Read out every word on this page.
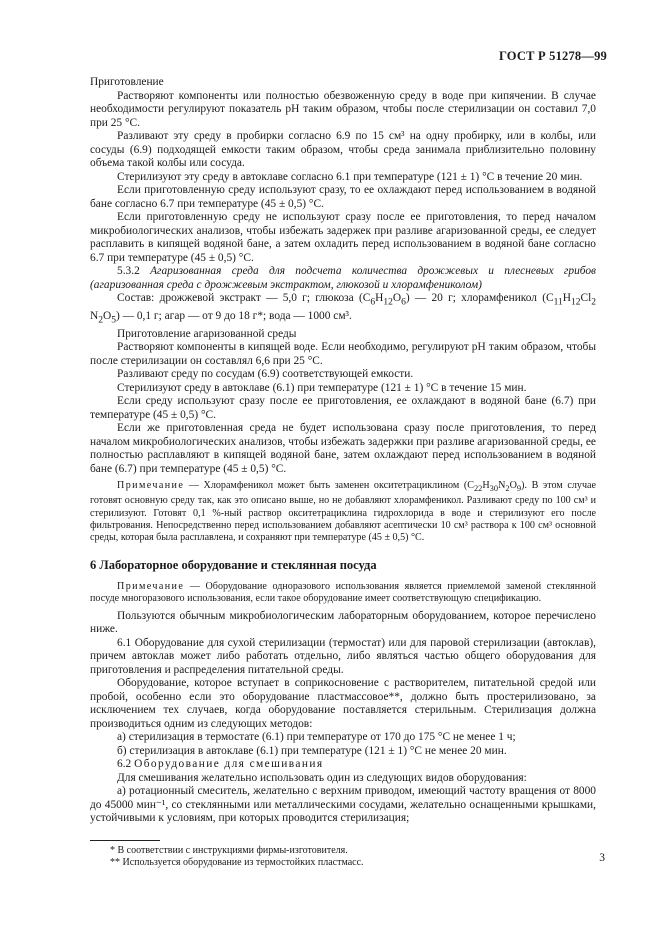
ГОСТ Р 51278—99

Приготовление

Растворяют компоненты или полностью обезвоженную среду в воде при кипячении. В случае необходимости регулируют показатель pH таким образом, чтобы после стерилизации он составил 7,0 при 25 °C.

Разливают эту среду в пробирки согласно 6.9 по 15 см³ на одну пробирку, или в колбы, или сосуды (6.9) подходящей емкости таким образом, чтобы среда занимала приблизительно половину объема такой колбы или сосуда.

Стерилизуют эту среду в автоклаве согласно 6.1 при температуре (121 ± 1) °C в течение 20 мин.

Если приготовленную среду используют сразу, то ее охлаждают перед использованием в водяной бане согласно 6.7 при температуре (45 ± 0,5) °C.

Если приготовленную среду не используют сразу после ее приготовления, то перед началом микробиологических анализов, чтобы избежать задержек при разливе агаризованной среды, ее следует расплавить в кипящей водяной бане, а затем охладить перед использованием в водяной бане согласно 6.7 при температуре (45 ± 0,5) °C.

5.3.2 Агаризованная среда для подсчета количества дрожжевых и плесневых грибов (агаризованная среда с дрожжевым экстрактом, глюкозой и хлорамфениколом)

Состав: дрожжевой экстракт — 5,0 г; глюкоза $(C_6H_{12}O_6)$ — 20 г; хлорамфеникол ($C_{11}H_{12}Cl_2$ $N_2O_5$) — 0,1 г; агар — от 9 до 18 г*; вода — 1000 см³.

Приготовление агаризованной среды

Растворяют компоненты в кипящей воде. Если необходимо, регулируют pH таким образом, чтобы после стерилизации он составлял 6,6 при 25 °C.

Разливают среду по сосудам (6.9) соответствующей емкости.

Стерилизуют среду в автоклаве (6.1) при температуре (121 ± 1) °C в течение 15 мин.

Если среду используют сразу после ее приготовления, ее охлаждают в водяной бане (6.7) при температуре (45 ± 0,5) °C.

Если же приготовленная среда не будет использована сразу после приготовления, то перед началом микробиологических анализов, чтобы избежать задержки при разливе агаризованной среды, ее полностью расплавляют в кипящей водяной бане, затем охлаждают перед использованием в водяной бане (6.7) при температуре (45 ± 0,5) °C.

Примечание — Хлорамфеникол может быть заменен окситетрациклином $(C_{22}H_{30}N_2O_9)$. В этом случае готовят основную среду так, как это описано выше, но не добавляют хлорамфеникол. Разливают среду по 100 см³ и стерилизуют. Готовят 0,1 %-ный раствор окситетрациклина гидрохлорида в воде и стерилизуют его после фильтрования. Непосредственно перед использованием добавляют асептически 10 см³ раствора к 100 см³ основной среды, которая была расплавлена, и сохраняют при температуре (45 ± 0,5) °C.

6 Лабораторное оборудование и стеклянная посуда

Примечание — Оборудование одноразового использования является приемлемой заменой стеклянной посуде многоразового использования, если такое оборудование имеет соответствующую спецификацию.

Пользуются обычным микробиологическим лабораторным оборудованием, которое перечислено ниже.

6.1 Оборудование для сухой стерилизации (термостат) или для паровой стерилизации (автоклав), причем автоклав может либо работать отдельно, либо являться частью общего оборудования для приготовления и распределения питательной среды.

Оборудование, которое вступает в соприкосновение с растворителем, питательной средой или пробой, особенно если это оборудование пластмассовое**, должно быть простерилизовано, за исключением тех случаев, когда оборудование поставляется стерильным. Стерилизация должна производиться одним из следующих методов:

а) стерилизация в термостате (6.1) при температуре от 170 до 175 °C не менее 1 ч;

б) стерилизация в автоклаве (6.1) при температуре (121 ± 1) °C не менее 20 мин.

6.2 Оборудование для смешивания

Для смешивания желательно использовать один из следующих видов оборудования:

а) ротационный смеситель, желательно с верхним приводом, имеющий частоту вращения от 8000 до 45000 мин⁻¹, со стеклянными или металлическими сосудами, желательно оснащенными крышками, устойчивыми к условиям, при которых проводится стерилизация;

* В соответствии с инструкциями фирмы-изготовителя.
** Используется оборудование из термостойких пластмасс.	3
